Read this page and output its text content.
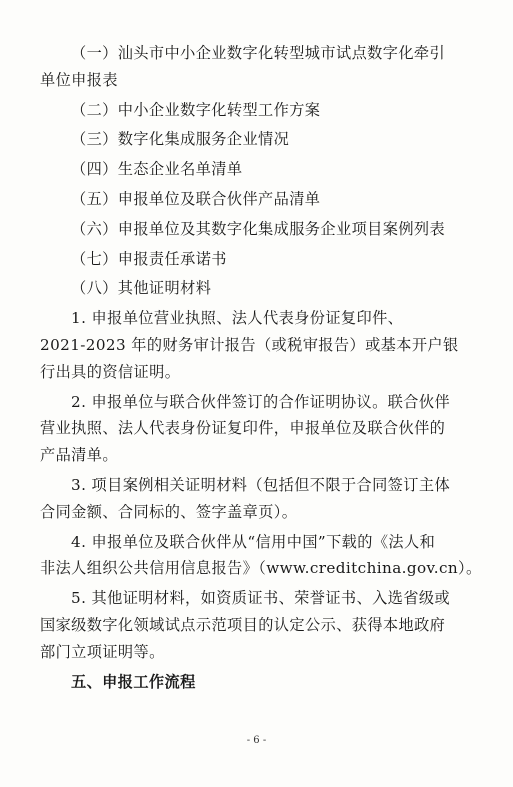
（一）汕头市中小企业数字化转型城市试点数字化牵引
单位申报表
（二）中小企业数字化转型工作方案
（三）数字化集成服务企业情况
（四）生态企业名单清单
（五）申报单位及联合伙伴产品清单
（六）申报单位及其数字化集成服务企业项目案例列表
（七）申报责任承诺书
（八）其他证明材料
1. 申报单位营业执照、法人代表身份证复印件、
2021-2023 年的财务审计报告（或税审报告）或基本开户银
行出具的资信证明。
2. 申报单位与联合伙伴签订的合作证明协议。联合伙伴
营业执照、法人代表身份证复印件，申报单位及联合伙伴的
产品清单。
3. 项目案例相关证明材料（包括但不限于合同签订主体
合同金额、合同标的、签字盖章页）。
4. 申报单位及联合伙伴从“信用中国”下载的《法人和
非法人组织公共信用信息报告》（www.creditchina.gov.cn）。
5. 其他证明材料，如资质证书、荣誉证书、入选省级或
国家级数字化领域试点示范项目的认定公示、获得本地政府
部门立项证明等。
五、申报工作流程
- 6 -
